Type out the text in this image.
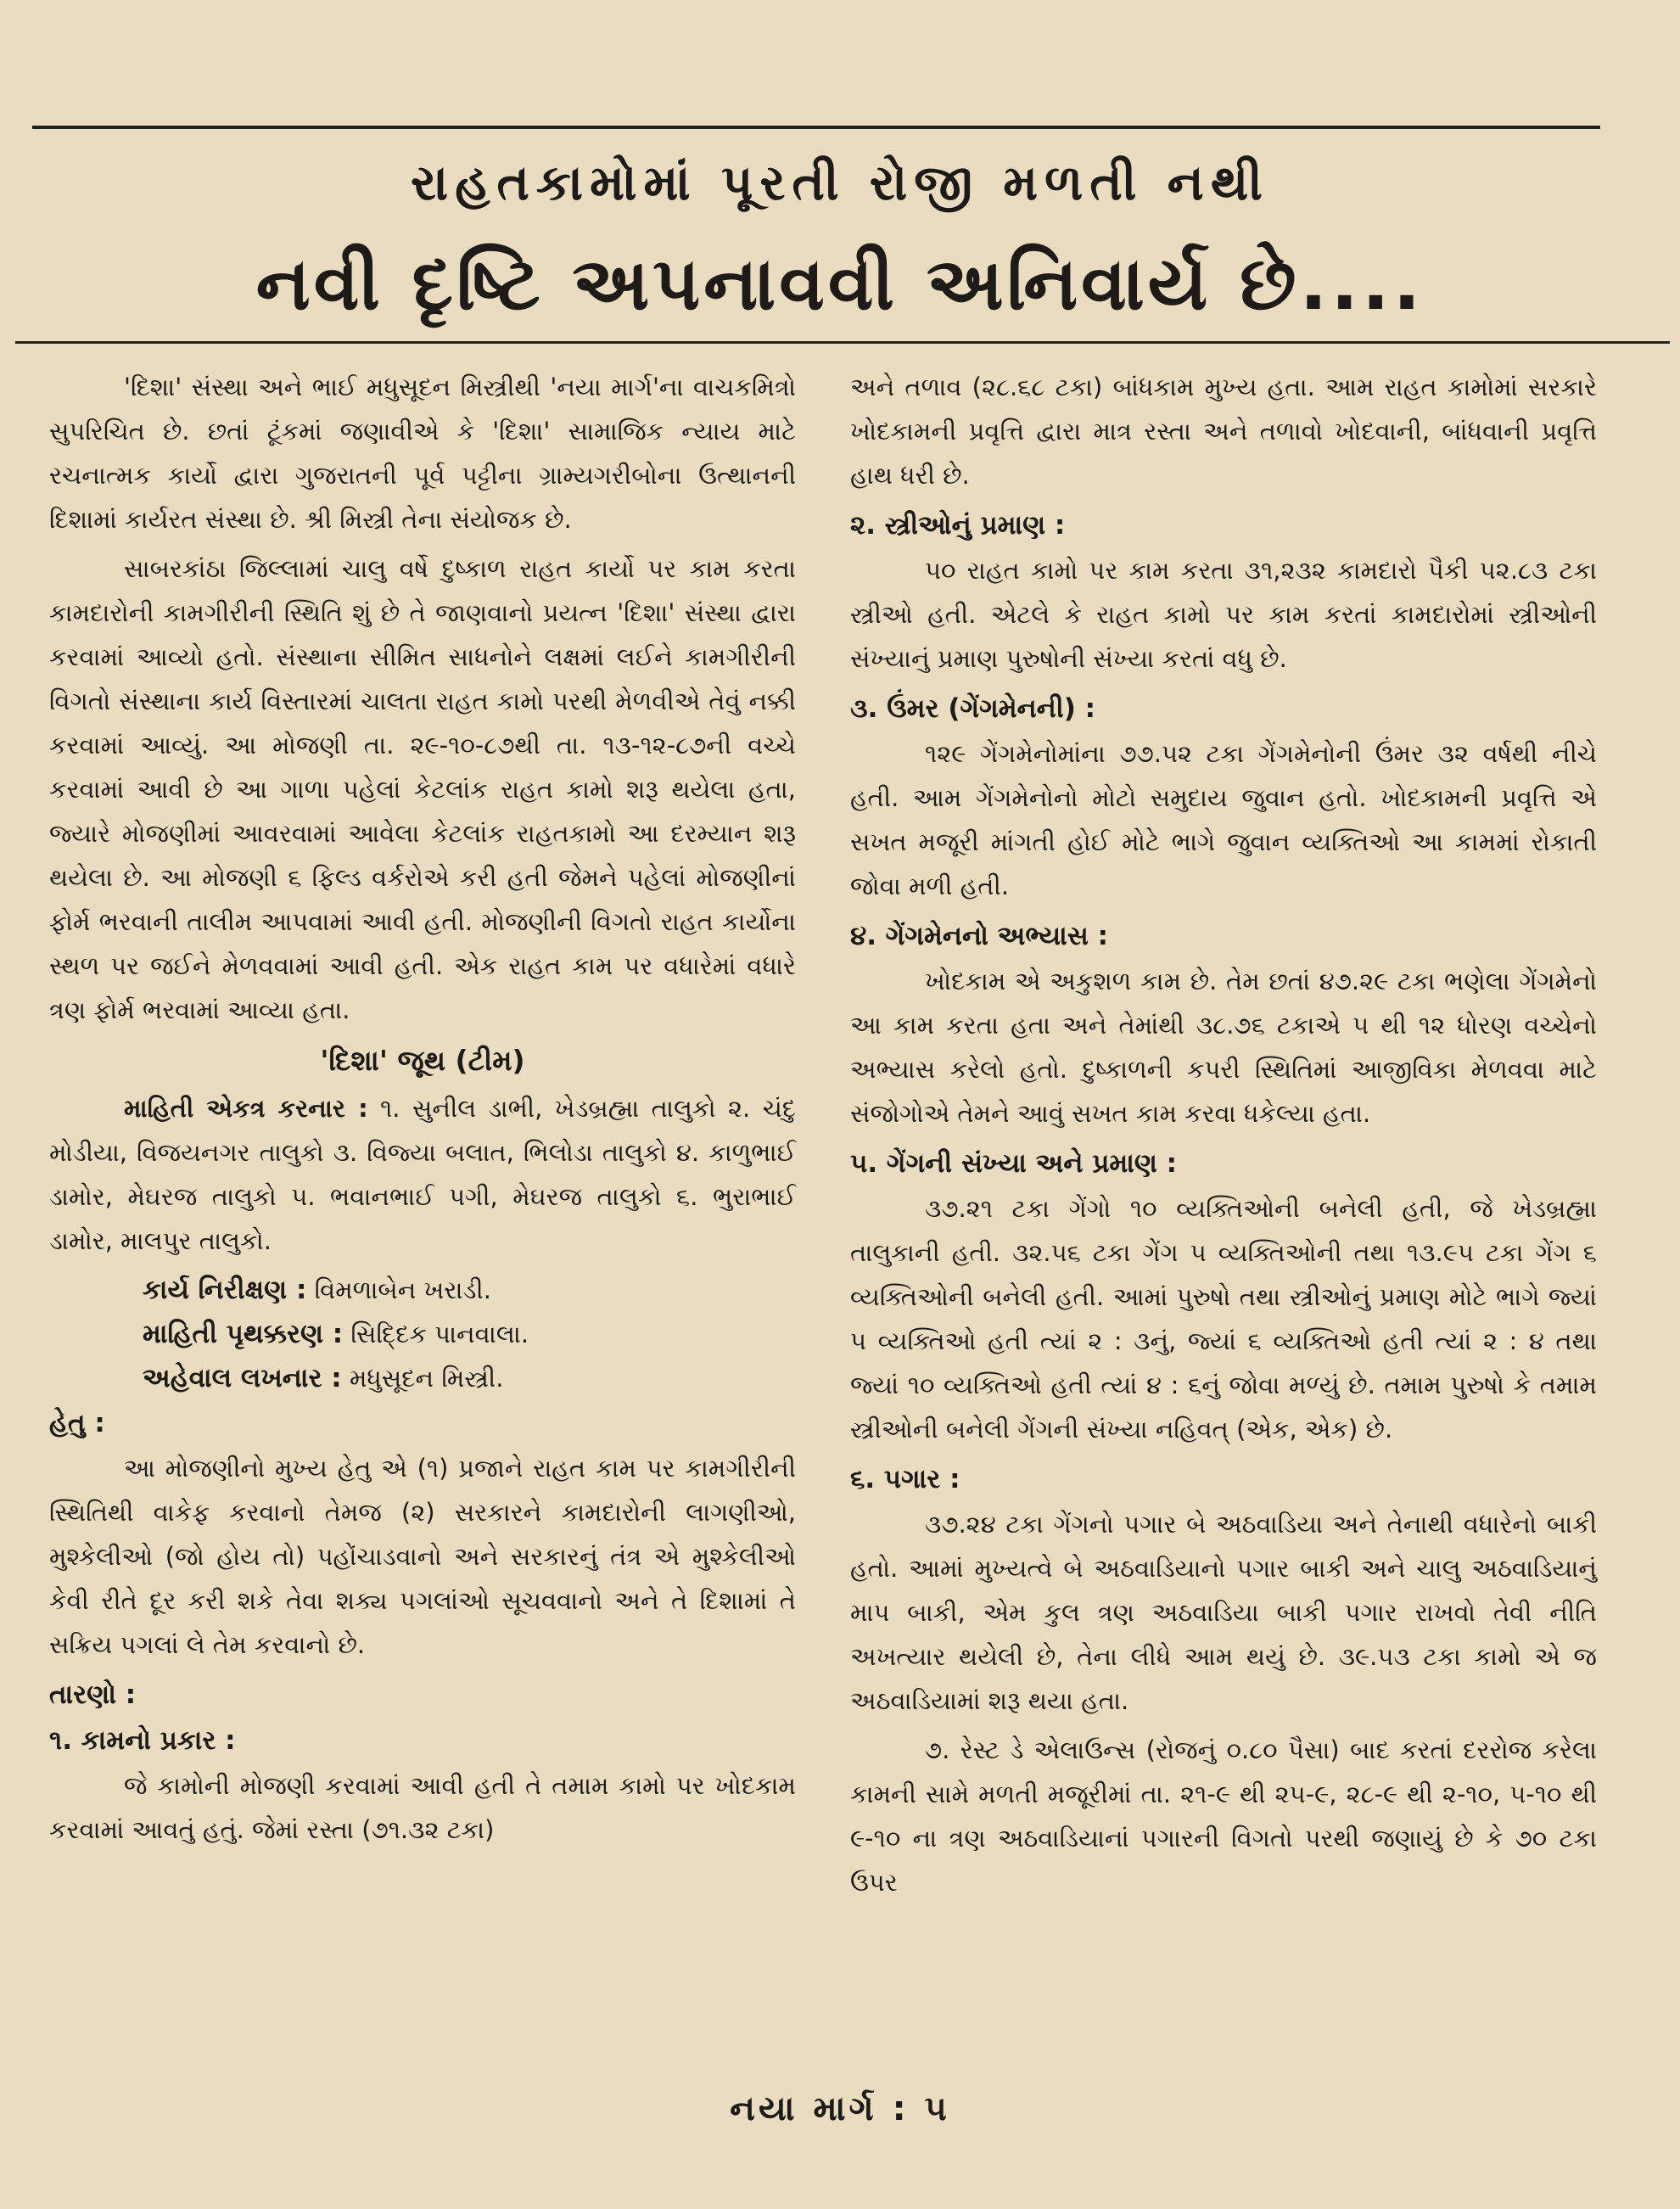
રાહતકામોમાં પૂરતી રોજી મળતી નથી
નવી દૃષ્ટિ અપનાવવી અનિવાર્ય છે....

'દિશા' સંસ્થા અને ભાઈ મધુસૂદન મિસ્ત્રીથી 'નયા માર્ગ'ના વાચકમિત્રો સુપરિચિત છે. છતાં ટૂંકમાં જણાવીએ કે 'દિશા' સામાજિક ન્યાય માટે રચનાત્મક કાર્યો દ્વારા ગુજરાતની પૂર્વ પટ્ટીના ગ્રામ્યગરીબોના ઉત્થાનની દિશામાં કાર્યરત સંસ્થા છે. શ્રી મિસ્ત્રી તેના સંયોજક છે.

સાબરકાંઠા જિલ્લામાં ચાલુ વર્ષે દુષ્કાળ રાહત કાર્યો પર કામ કરતા કામદારોની કામગીરીની સ્થિતિ શું છે તે જાણવાનો પ્રયત્ન 'દિશા' સંસ્થા દ્વારા કરવામાં આવ્યો હતો. સંસ્થાના સીમિત સાધનોને લક્ષમાં લઈને કામગીરીની વિગતો સંસ્થાના કાર્ય વિસ્તારમાં ચાલતા રાહત કામો પરથી મેળવીએ તેવું નક્કી કરવામાં આવ્યું. આ મોજણી તા. ૨૯-૧૦-૮૭થી તા. ૧૩-૧૨-૮૭ની વચ્ચે કરવામાં આવી છે આ ગાળા પહેલાં કેટલાંક રાહત કામો શરૂ થયેલા હતા, જ્યારે મોજણીમાં આવરવામાં આવેલા કેટલાંક રાહતકામો આ દરમ્યાન શરૂ થયેલા છે. આ મોજણી ૬ ફિલ્ડ વર્કરોએ કરી હતી જેમને પહેલાં મોજણીનાં ફોર્મ ભરવાની તાલીમ આપવામાં આવી હતી. મોજણીની વિગતો રાહત કાર્યોના સ્થળ પર જઈને મેળવવામાં આવી હતી. એક રાહત કામ પર વધારેમાં વધારે ત્રણ ફોર્મ ભરવામાં આવ્યા હતા.

'દિશા' જૂથ (ટીમ)

માહિતી એકત્ર કરનાર : ૧. સુનીલ ડાભી, ખેડબ્રહ્મા તાલુકો ૨. ચંદુ મોડીયા, વિજયનગર તાલુકો ૩. વિજ્યા બલાત, ભિલોડા તાલુકો ૪. કાળુભાઈ ડામોર, મેઘરજ તાલુકો ૫. ભવાનભાઈ પગી, મેઘરજ તાલુકો ૬. ભુરાભાઈ ડામોર, માલપુર તાલુકો.

કાર્ય નિરીક્ષણ : વિમળાબેન ખરાડી.
માહિતી પૃથક્કરણ : સિદ્દિક પાનવાલા.
અહેવાલ લખનાર : મધુસૂદન મિસ્ત્રી.
હેતુ :

આ મોજણીનો મુખ્ય હેતુ એ (૧) પ્રજાને રાહત કામ પર કામગીરીની સ્થિતિથી વાકેફ કરવાનો તેમજ (૨) સરકારને કામદારોની લાગણીઓ, મુશ્કેલીઓ (જો હોય તો) પહોંચાડવાનો અને સરકારનું તંત્ર એ મુશ્કેલીઓ કેવી રીતે દૂર કરી શકે તેવા શક્ય પગલાંઓ સૂચવવાનો અને તે દિશામાં તે સક્રિય પગલાં લે તેમ કરવાનો છે.

તારણો :
૧. કામનો પ્રકાર :

જે કામોની મોજણી કરવામાં આવી હતી તે તમામ કામો પર ખોદકામ કરવામાં આવતું હતું. જેમાં રસ્તા (૭૧.૩૨ ટકા)

અને તળાવ (૨૮.૬૮ ટકા) બાંધકામ મુખ્ય હતા. આમ રાહત કામોમાં સરકારે ખોદકામની પ્રવૃત્તિ દ્વારા માત્ર રસ્તા અને તળાવો ખોદવાની, બાંધવાની પ્રવૃત્તિ હાથ ધરી છે.

૨. સ્ત્રીઓનું પ્રમાણ :

૫૦ રાહત કામો પર કામ કરતા ૩૧,૨૩૨ કામદારો પૈકી ૫૨.૮૩ ટકા સ્ત્રીઓ હતી. એટલે કે રાહત કામો પર કામ કરતાં કામદારોમાં સ્ત્રીઓની સંખ્યાનું પ્રમાણ પુરુષોની સંખ્યા કરતાં વધુ છે.

૩. ઉંમર (ગેંગમેનની) :

૧૨૯ ગેંગમેનોમાંના ૭૭.૫૨ ટકા ગેંગમેનોની ઉંમર ૩૨ વર્ષથી નીચે હતી. આમ ગેંગમેનોનો મોટો સમુદાય જુવાન હતો. ખોદકામની પ્રવૃત્તિ એ સખત મજૂરી માંગતી હોઈ મોટે ભાગે જુવાન વ્યક્તિઓ આ કામમાં રોકાતી જોવા મળી હતી.

૪. ગેંગમેનનો અભ્યાસ :

ખોદકામ એ અકુશળ કામ છે. તેમ છતાં ૪૭.૨૯ ટકા ભણેલા ગેંગમેનો આ કામ કરતા હતા અને તેમાંથી ૩૮.૭૬ ટકાએ ૫ થી ૧૨ ધોરણ વચ્ચેનો અભ્યાસ કરેલો હતો. દુષ્કાળની કપરી સ્થિતિમાં આજીવિકા મેળવવા માટે સંજોગોએ તેમને આવું સખત કામ કરવા ધકેલ્યા હતા.

૫. ગેંગની સંખ્યા અને પ્રમાણ :

૩૭.૨૧ ટકા ગેંગો ૧૦ વ્યક્તિઓની બનેલી હતી, જે ખેડબ્રહ્મા તાલુકાની હતી. ૩૨.૫૬ ટકા ગેંગ ૫ વ્યક્તિઓની તથા ૧૩.૯૫ ટકા ગેંગ ૬ વ્યક્તિઓની બનેલી હતી. આમાં પુરુષો તથા સ્ત્રીઓનું પ્રમાણ મોટે ભાગે જ્યાં ૫ વ્યક્તિઓ હતી ત્યાં ૨ : ૩નું, જ્યાં ૬ વ્યક્તિઓ હતી ત્યાં ૨ : ૪ તથા જ્યાં ૧૦ વ્યક્તિઓ હતી ત્યાં ૪ : ૬નું જોવા મળ્યું છે. તમામ પુરુષો કે તમામ સ્ત્રીઓની બનેલી ગેંગની સંખ્યા નહિવત્ (એક, એક) છે.

૬. પગાર :

૩૭.૨૪ ટકા ગેંગનો પગાર બે અઠવાડિયા અને તેનાથી વધારેનો બાકી હતો. આમાં મુખ્યત્વે બે અઠવાડિયાનો પગાર બાકી અને ચાલુ અઠવાડિયાનું માપ બાકી, એમ કુલ ત્રણ અઠવાડિયા બાકી પગાર રાખવો તેવી નીતિ અખત્યાર થયેલી છે, તેના લીધે આમ થયું છે. ૩૯.૫૩ ટકા કામો એ જ અઠવાડિયામાં શરૂ થયા હતા.

૭. રેસ્ટ ડે એલાઉન્સ (રોજનું ૦.૮૦ પૈસા) બાદ કરતાં દરરોજ કરેલા કામની સામે મળતી મજૂરીમાં તા. ૨૧-૯ થી ૨૫-૯, ૨૮-૯ થી ૨-૧૦, ૫-૧૦ થી ૯-૧૦ ના ત્રણ અઠવાડિયાનાં પગારની વિગતો પરથી જણાયું છે કે ૭૦ ટકા ઉપર

નયા માર્ગ : ૫
